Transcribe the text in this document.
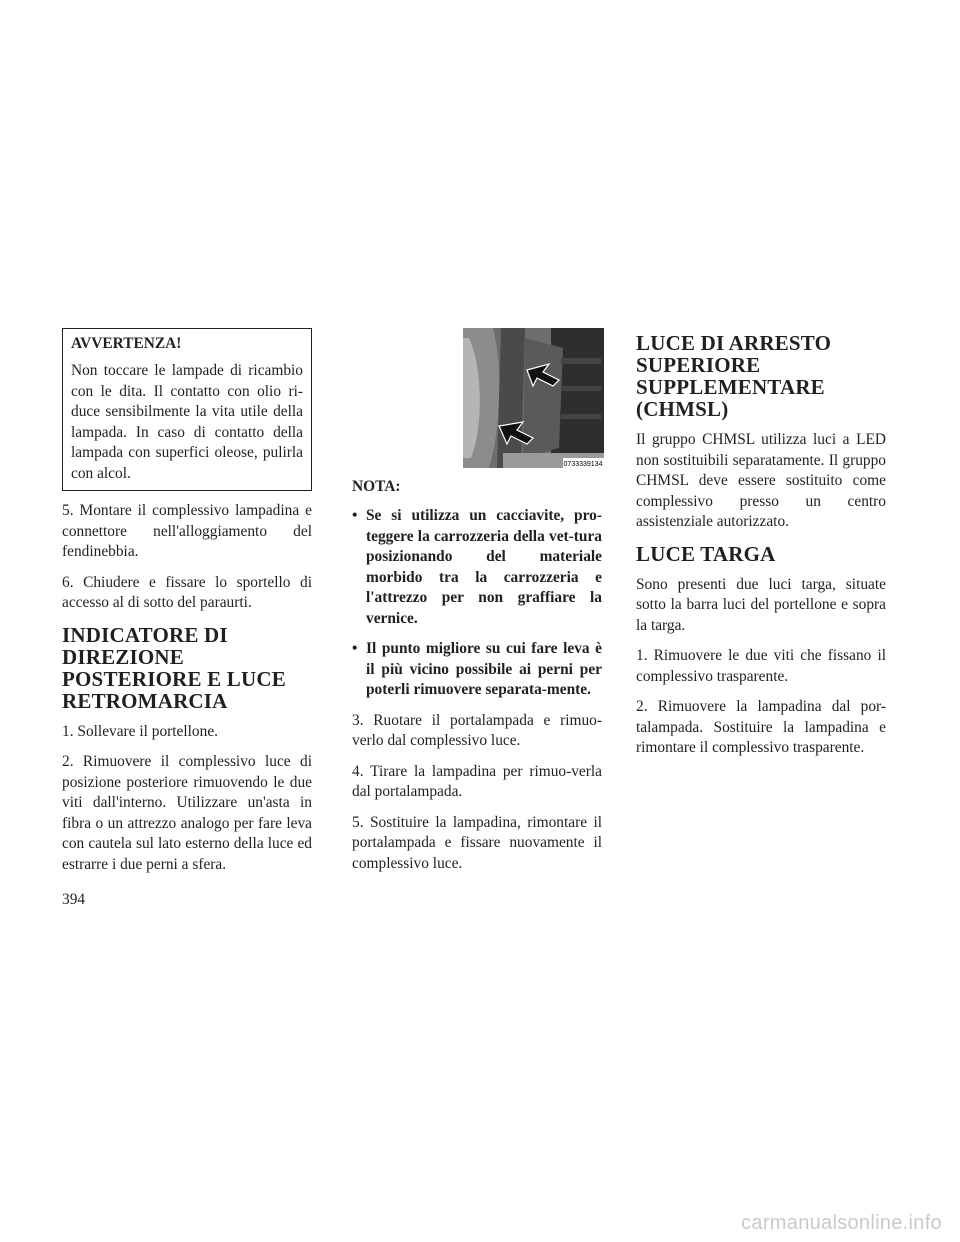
AVVERTENZA!

Non toccare le lampade di ricambio con le dita. Il contatto con olio ri-duce sensibilmente la vita utile della lampada. In caso di contatto della lampada con superfici oleose, pulirla con alcol.

5. Montare il complessivo lampadina e connettore nell'alloggiamento del fendinebbia.

6. Chiudere e fissare lo sportello di accesso al di sotto del paraurti.

INDICATORE DI DIREZIONE POSTERIORE E LUCE RETROMARCIA

1. Sollevare il portellone.

2. Rimuovere il complessivo luce di posizione posteriore rimuovendo le due viti dall'interno. Utilizzare un'asta in fibra o un attrezzo analogo per fare leva con cautela sul lato esterno della luce ed estrarre i due perni a sfera.

0733339134
NOTA:
• Se si utilizza un cacciavite, pro-teggere la carrozzeria della vet-tura posizionando del materiale morbido tra la carrozzeria e l'attrezzo per non graffiare la vernice.
• Il punto migliore su cui fare leva è il più vicino possibile ai perni per poterli rimuovere separata-mente.

3. Ruotare il portalampada e rimuo-verlo dal complessivo luce.

4. Tirare la lampadina per rimuo-verla dal portalampada.

5. Sostituire la lampadina, rimontare il portalampada e fissare nuovamente il complessivo luce.

LUCE DI ARRESTO SUPERIORE SUPPLEMENTARE (CHMSL)

Il gruppo CHMSL utilizza luci a LED non sostituibili separatamente. Il gruppo CHMSL deve essere sostituito come complessivo presso un centro assistenziale autorizzato.

LUCE TARGA

Sono presenti due luci targa, situate sotto la barra luci del portellone e sopra la targa.

1. Rimuovere le due viti che fissano il complessivo trasparente.

2. Rimuovere la lampadina dal por-talampada. Sostituire la lampadina e rimontare il complessivo trasparente.

394
carmanualsonline.info
